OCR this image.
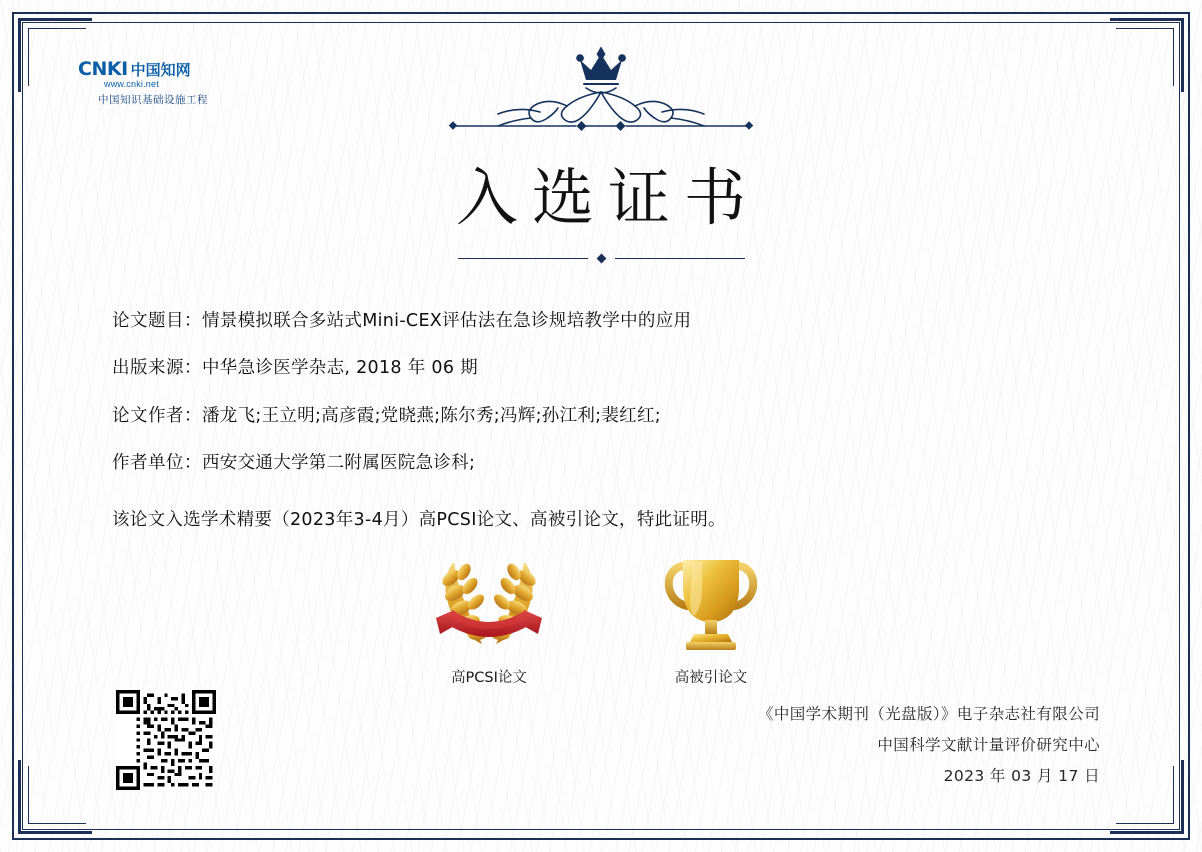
CNKI 中国知网
www.cnki.net
中国知识基础设施工程
入选证书
论文题目：情景模拟联合多站式Mini-CEX评估法在急诊规培教学中的应用
出版来源：中华急诊医学杂志, 2018 年 06 期
论文作者：潘龙飞;王立明;高彦霞;党晓燕;陈尔秀;冯辉;孙江利;裴红红;
作者单位：西安交通大学第二附属医院急诊科;
该论文入选学术精要（2023年3-4月）高PCSI论文、高被引论文，特此证明。
高PCSI论文	高被引论文
《中国学术期刊（光盘版）》电子杂志社有限公司
中国科学文献计量评价研究中心
2023 年 03 月 17 日
